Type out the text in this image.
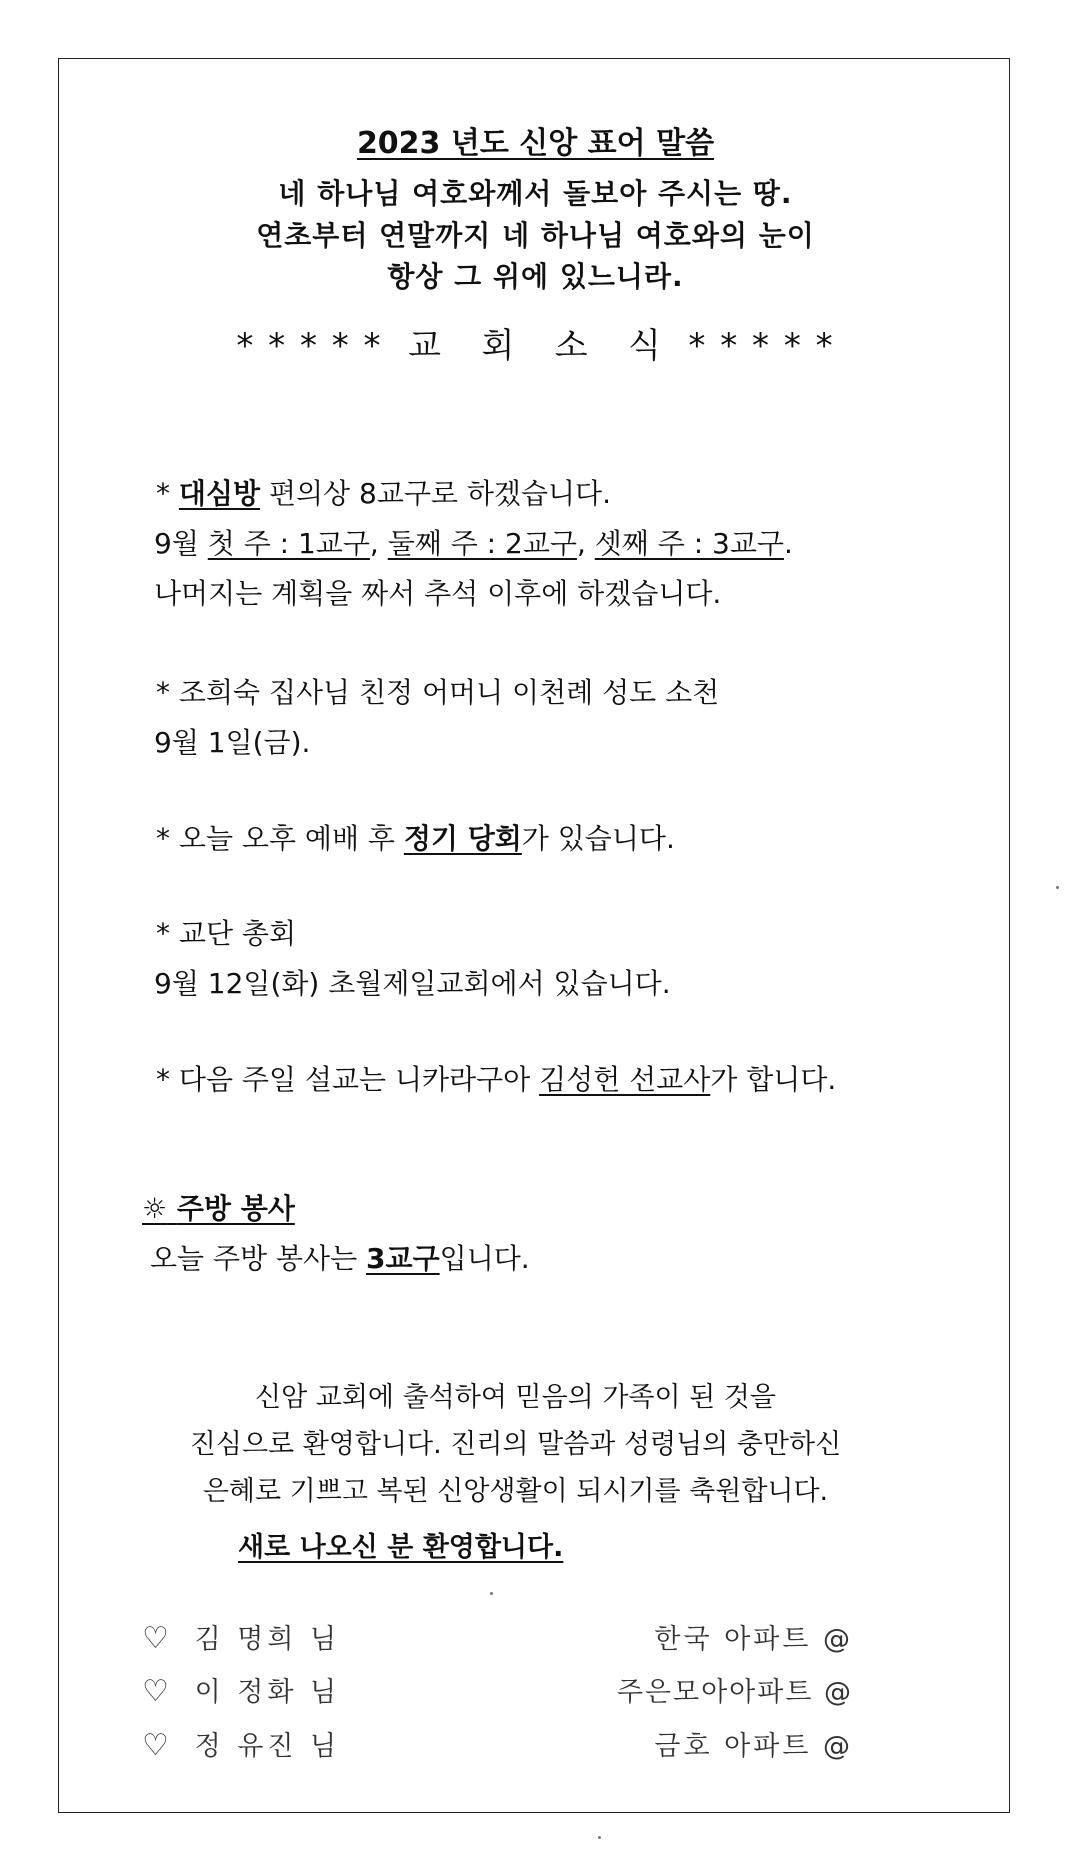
2023 년도 신앙 표어 말씀
네 하나님 여호와께서 돌보아 주시는 땅.
연초부터 연말까지 네 하나님 여호와의 눈이
항상 그 위에 있느니라.
* * * * *  교   회   소   식  * * * * *
* 대심방 편의상 8교구로 하겠습니다.
9월 첫 주 : 1교구, 둘째 주 : 2교구, 셋째 주 : 3교구.
나머지는 계획을 짜서 추석 이후에 하겠습니다.
* 조희숙 집사님 친정 어머니 이천례 성도 소천
9월 1일(금).
* 오늘 오후 예배 후 정기 당회가 있습니다.
* 교단 총회
9월 12일(화) 초월제일교회에서 있습니다.
* 다음 주일 설교는 니카라구아 김성헌 선교사가 합니다.
☼ 주방 봉사
오늘 주방 봉사는 3교구입니다.
신암 교회에 출석하여 믿음의 가족이 된 것을
진심으로 환영합니다. 진리의 말씀과 성령님의 충만하신
은혜로 기쁘고 복된 신앙생활이 되시기를 축원합니다.
새로 나오신 분 환영합니다.
♡ 김 명희 님	한국 아파트 @
♡ 이 정화 님	주은모아아파트 @
♡ 정 유진 님	금호 아파트 @
